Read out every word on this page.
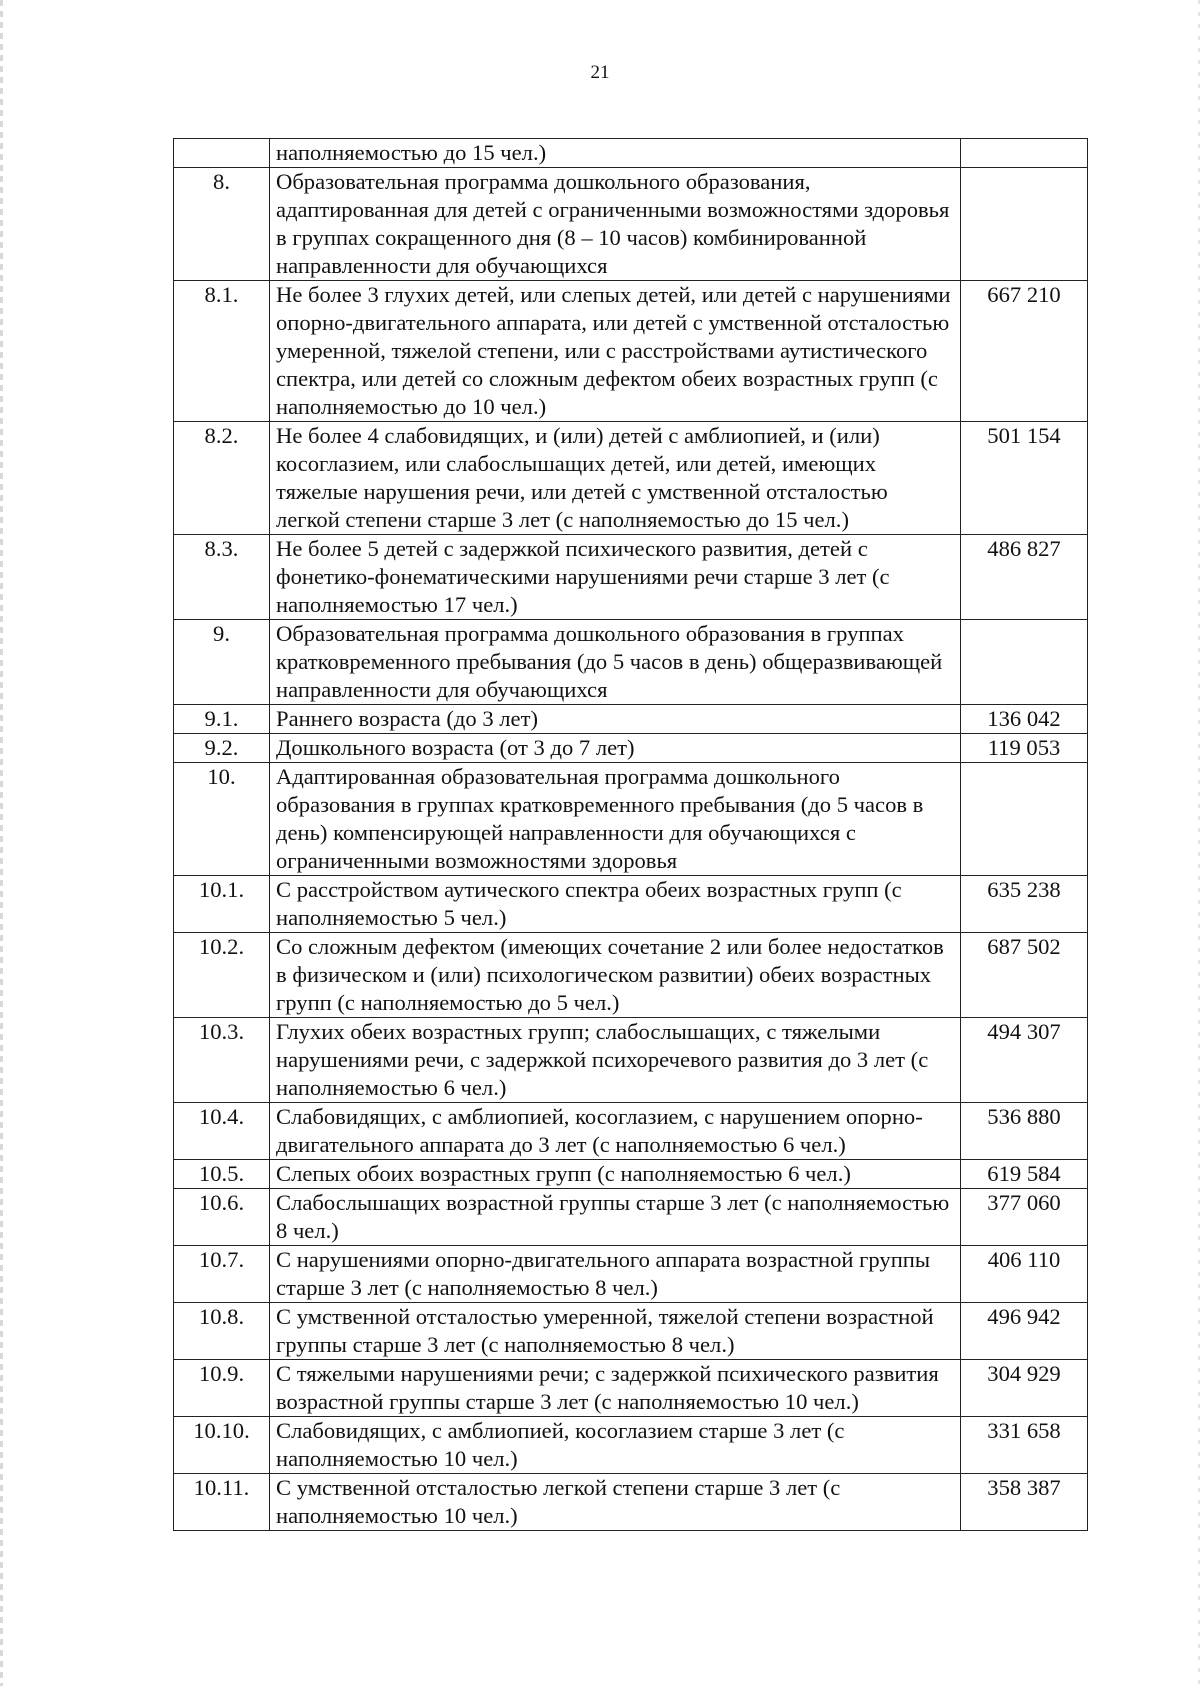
21
	наполняемостью до 15 чел.)	
8.	Образовательная программа дошкольного образования, адаптированная для детей с ограниченными возможностями здоровья в группах сокращенного дня (8 – 10 часов) комбинированной направленности для обучающихся	
8.1.	Не более 3 глухих детей, или слепых детей, или детей с нарушениями опорно-двигательного аппарата, или детей с умственной отсталостью умеренной, тяжелой степени, или с расстройствами аутистического спектра, или детей со сложным дефектом обеих возрастных групп (с наполняемостью до 10 чел.)	667 210
8.2.	Не более 4 слабовидящих, и (или) детей с амблиопией, и (или) косоглазием, или слабослышащих детей, или детей, имеющих тяжелые нарушения речи, или детей с умственной отсталостью легкой степени старше 3 лет (с наполняемостью до 15 чел.)	501 154
8.3.	Не более 5 детей с задержкой психического развития, детей с фонетико-фонематическими нарушениями речи старше 3 лет (с наполняемостью 17 чел.)	486 827
9.	Образовательная программа дошкольного образования в группах кратковременного пребывания (до 5 часов в день) общеразвивающей направленности для обучающихся	
9.1.	Раннего возраста (до 3 лет)	136 042
9.2.	Дошкольного возраста (от 3 до 7 лет)	119 053
10.	Адаптированная образовательная программа дошкольного образования в группах кратковременного пребывания (до 5 часов в день) компенсирующей направленности для обучающихся с ограниченными возможностями здоровья	
10.1.	С расстройством аутического спектра обеих возрастных групп (с наполняемостью 5 чел.)	635 238
10.2.	Со сложным дефектом (имеющих сочетание 2 или более недостатков в физическом и (или) психологическом развитии) обеих возрастных групп (с наполняемостью до 5 чел.)	687 502
10.3.	Глухих обеих возрастных групп; слабослышащих, с тяжелыми нарушениями речи, с задержкой психоречевого развития до 3 лет (с наполняемостью 6 чел.)	494 307
10.4.	Слабовидящих, с амблиопией, косоглазием, с нарушением опорно-двигательного аппарата до 3 лет (с наполняемостью 6 чел.)	536 880
10.5.	Слепых обоих возрастных групп (с наполняемостью 6 чел.)	619 584
10.6.	Слабослышащих возрастной группы старше 3 лет (с наполняемостью 8 чел.)	377 060
10.7.	С нарушениями опорно-двигательного аппарата возрастной группы старше 3 лет (с наполняемостью 8 чел.)	406 110
10.8.	С умственной отсталостью умеренной, тяжелой степени возрастной группы старше 3 лет (с наполняемостью 8 чел.)	496 942
10.9.	С тяжелыми нарушениями речи; с задержкой психического развития возрастной группы старше 3 лет (с наполняемостью 10 чел.)	304 929
10.10.	Слабовидящих, с амблиопией, косоглазием старше 3 лет (с наполняемостью 10 чел.)	331 658
10.11.	С умственной отсталостью легкой степени старше 3 лет (с наполняемостью 10 чел.)	358 387
